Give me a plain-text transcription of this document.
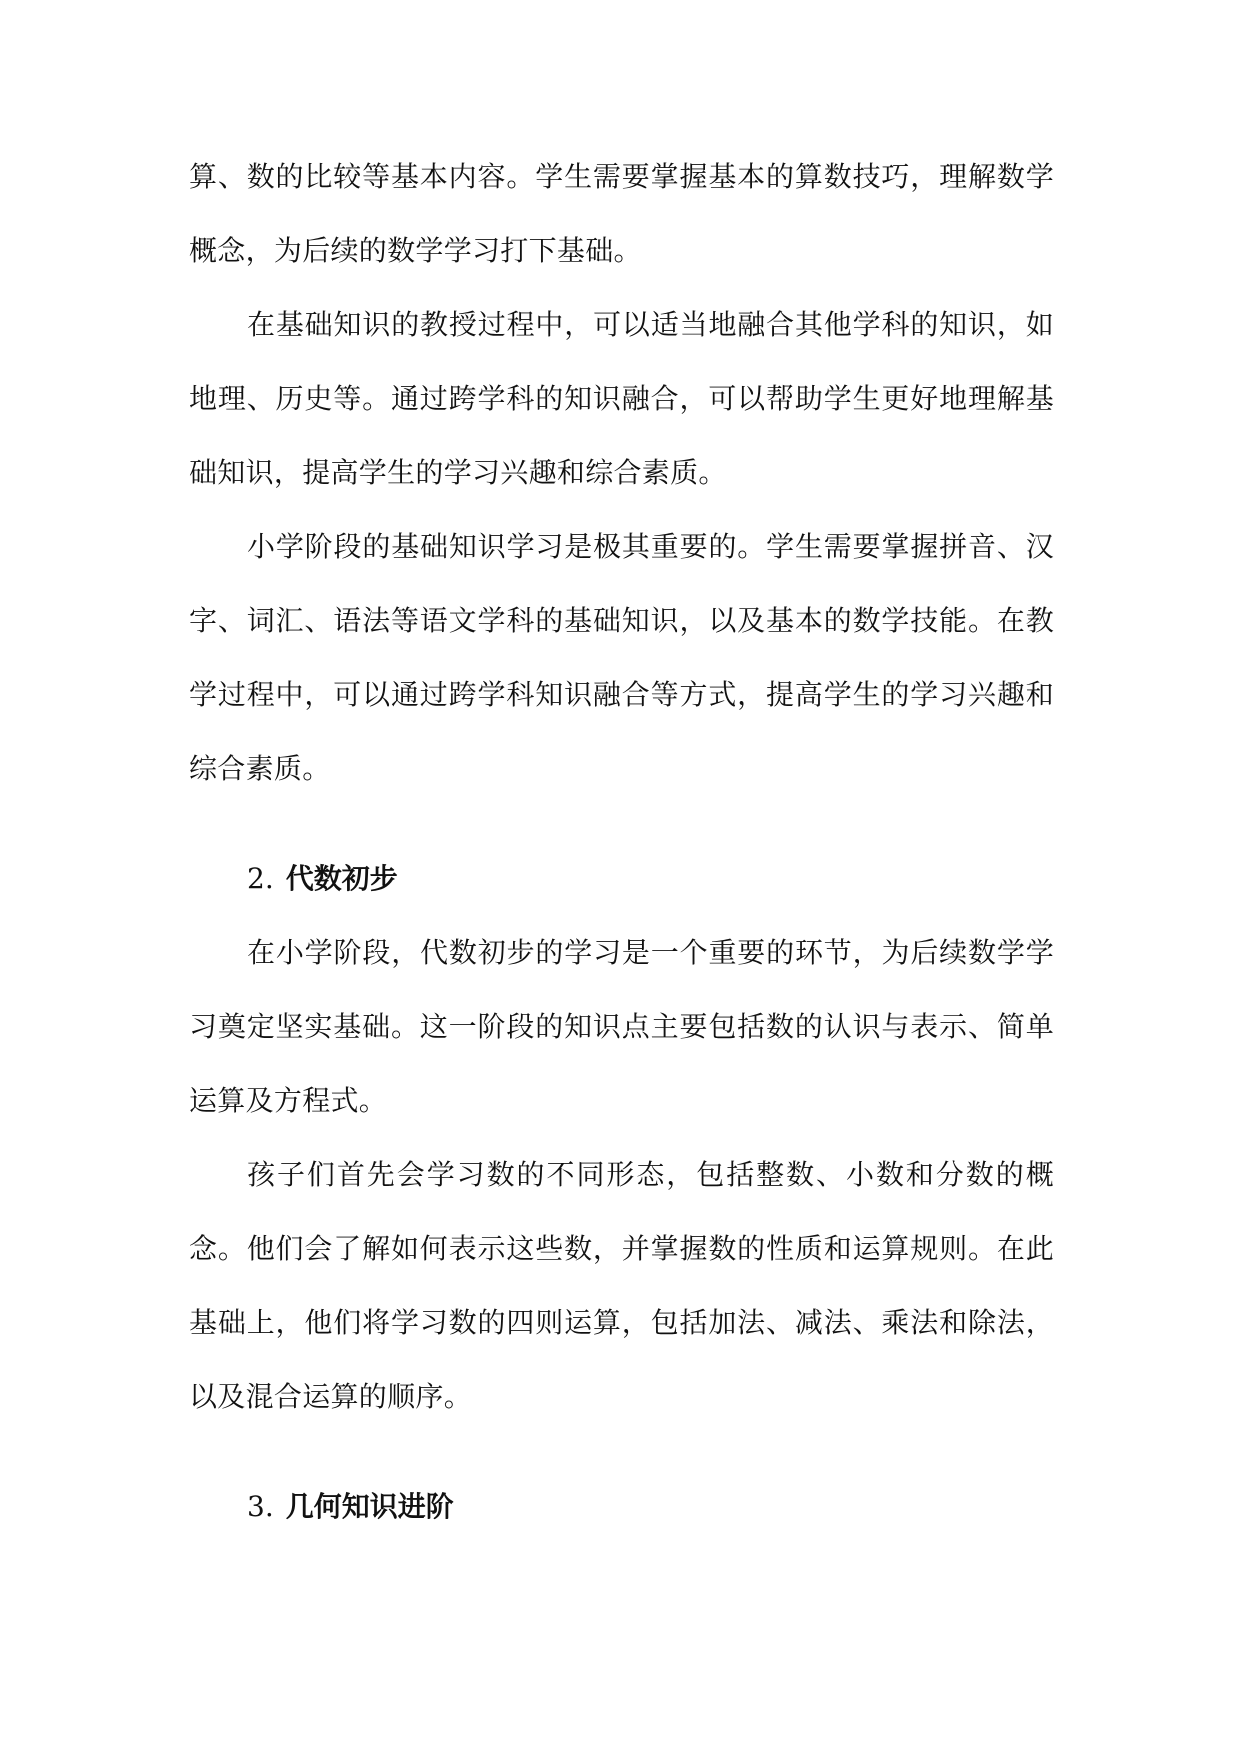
算、数的比较等基本内容。学生需要掌握基本的算数技巧，理解数学概念，为后续的数学学习打下基础。

在基础知识的教授过程中，可以适当地融合其他学科的知识，如地理、历史等。通过跨学科的知识融合，可以帮助学生更好地理解基础知识，提高学生的学习兴趣和综合素质。

小学阶段的基础知识学习是极其重要的。学生需要掌握拼音、汉字、词汇、语法等语文学科的基础知识，以及基本的数学技能。在教学过程中，可以通过跨学科知识融合等方式，提高学生的学习兴趣和综合素质。

2. 代数初步

在小学阶段，代数初步的学习是一个重要的环节，为后续数学学习奠定坚实基础。这一阶段的知识点主要包括数的认识与表示、简单运算及方程式。

孩子们首先会学习数的不同形态，包括整数、小数和分数的概念。他们会了解如何表示这些数，并掌握数的性质和运算规则。在此基础上，他们将学习数的四则运算，包括加法、减法、乘法和除法，以及混合运算的顺序。

3. 几何知识进阶
